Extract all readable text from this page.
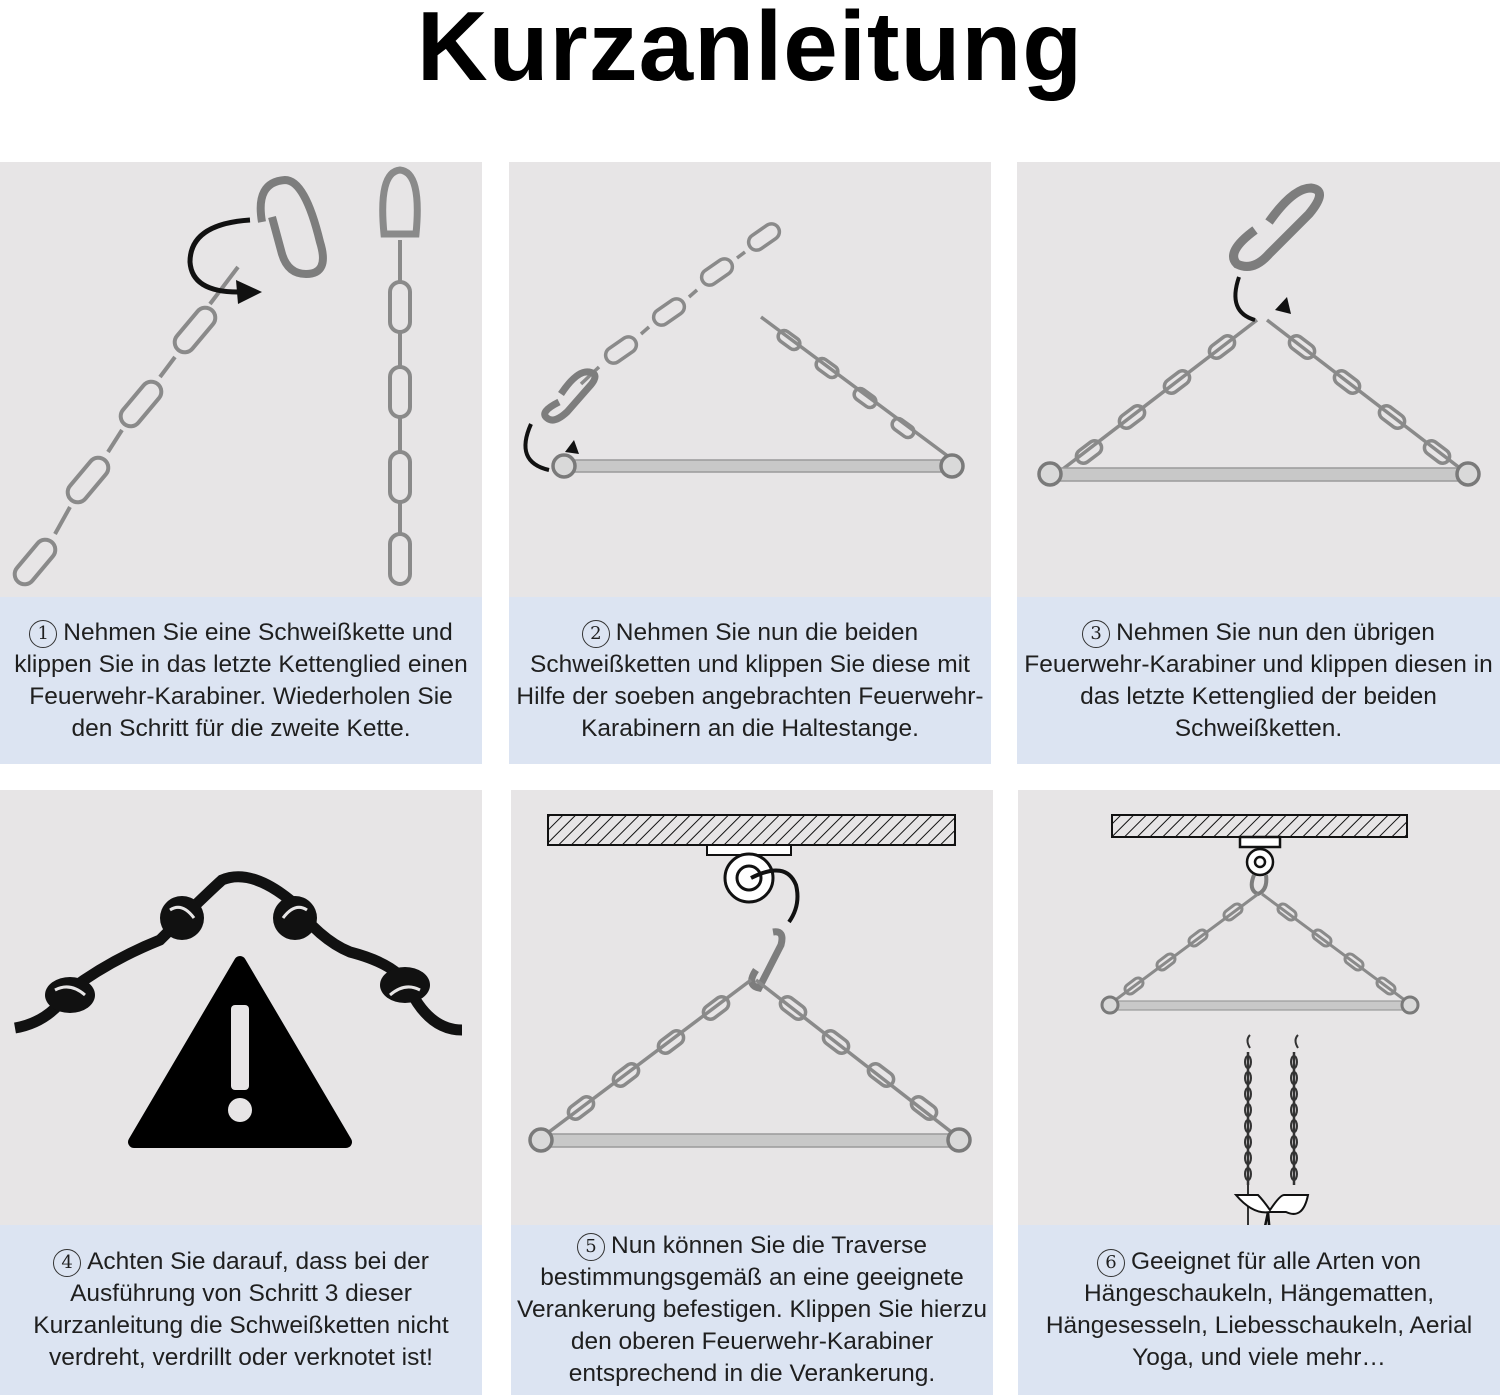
Kurzanleitung

1 Nehmen Sie eine Schweißkette und klippen Sie in das letzte Kettenglied einen Feuerwehr-Karabiner. Wiederholen Sie den Schritt für die zweite Kette.

2 Nehmen Sie nun die beiden Schweißketten und klippen Sie diese mit Hilfe der soeben angebrachten Feuerwehr-Karabinern an die Haltestange.

3 Nehmen Sie nun den übrigen Feuerwehr-Karabiner und klippen diesen in das letzte Kettenglied der beiden Schweißketten.

4 Achten Sie darauf, dass bei der Ausführung von Schritt 3 dieser Kurzanleitung die Schweißketten nicht verdreht, verdrillt oder verknotet ist!

5 Nun können Sie die Traverse bestimmungsgemäß an eine geeignete Verankerung befestigen. Klippen Sie hierzu den oberen Feuerwehr-Karabiner entsprechend in die Verankerung.

6 Geeignet für alle Arten von Hängeschaukeln, Hängematten, Hängesesseln, Liebesschaukeln, Aerial Yoga, und viele mehr…
